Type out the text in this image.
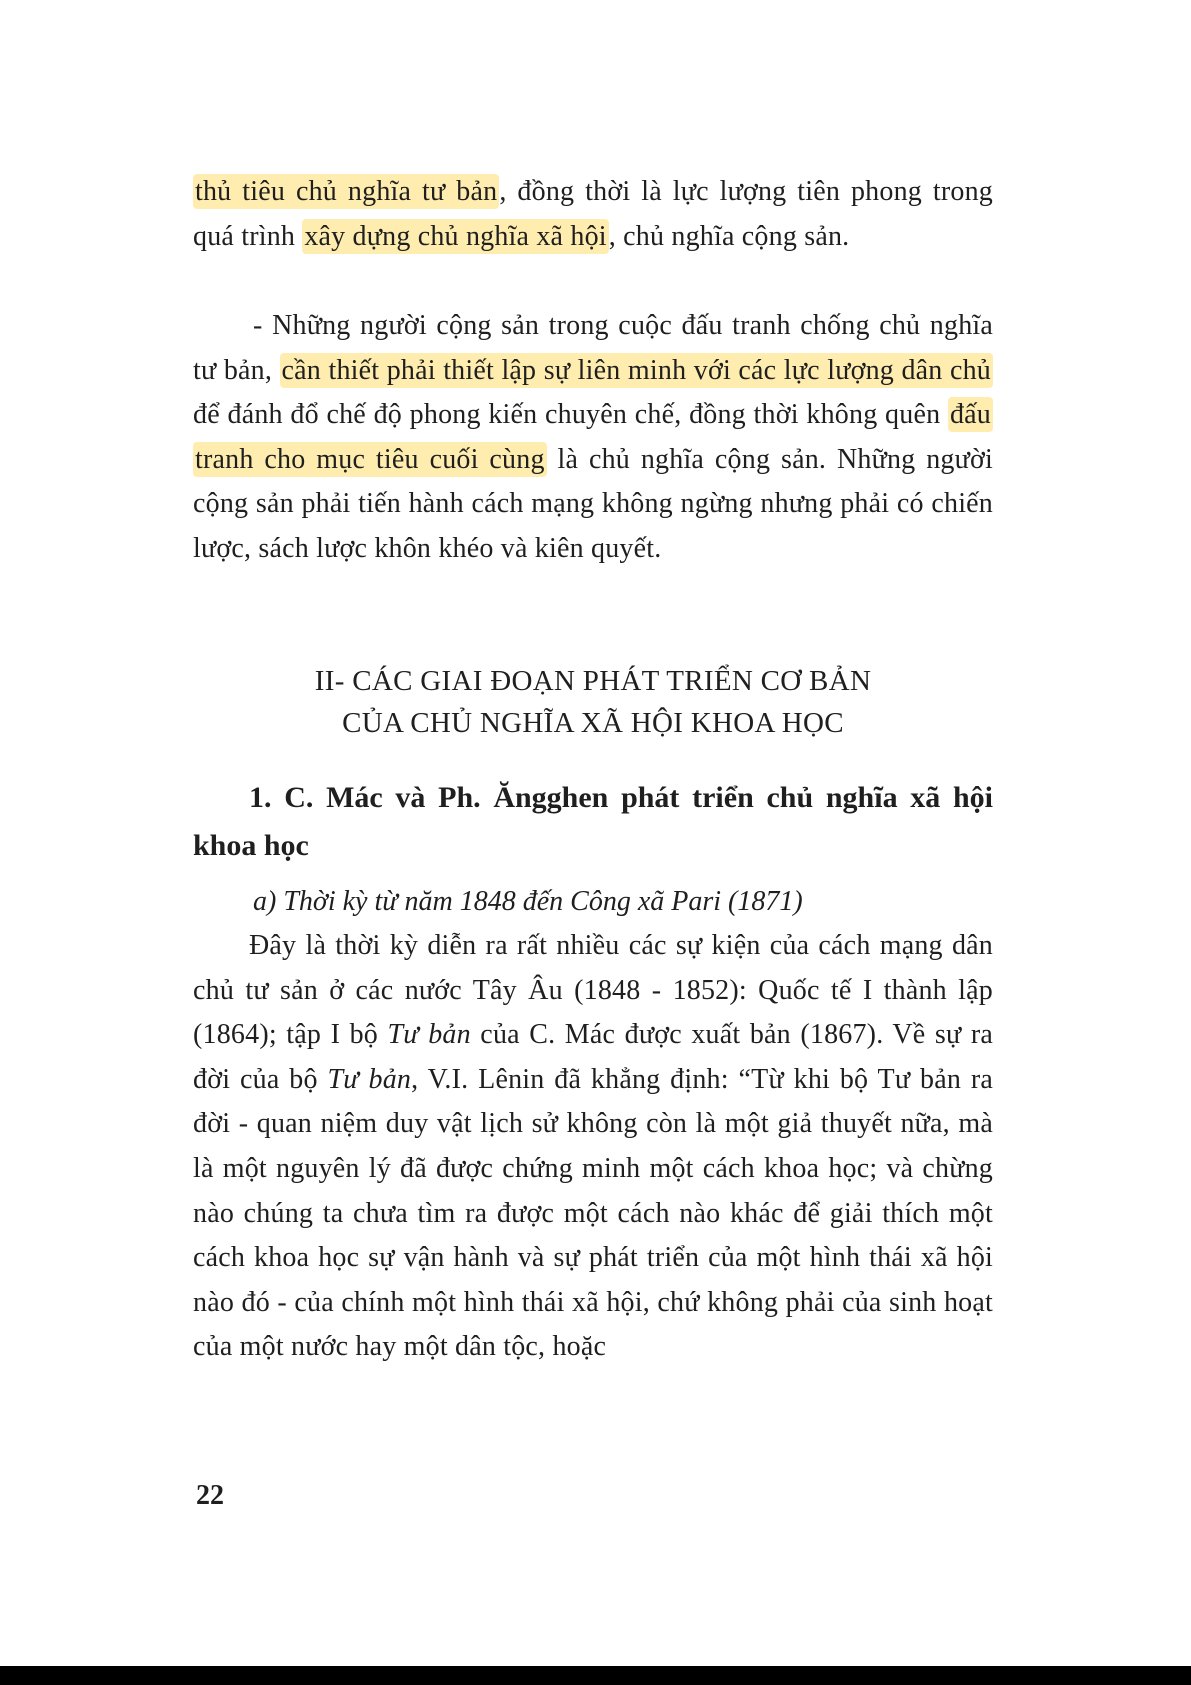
thủ tiêu chủ nghĩa tư bản, đồng thời là lực lượng tiên phong trong quá trình xây dựng chủ nghĩa xã hội, chủ nghĩa cộng sản.

- Những người cộng sản trong cuộc đấu tranh chống chủ nghĩa tư bản, cần thiết phải thiết lập sự liên minh với các lực lượng dân chủ để đánh đổ chế độ phong kiến chuyên chế, đồng thời không quên đấu tranh cho mục tiêu cuối cùng là chủ nghĩa cộng sản. Những người cộng sản phải tiến hành cách mạng không ngừng nhưng phải có chiến lược, sách lược khôn khéo và kiên quyết.

II- CÁC GIAI ĐOẠN PHÁT TRIỂN CƠ BẢN
CỦA CHỦ NGHĨA XÃ HỘI KHOA HỌC
1. C. Mác và Ph. Ăngghen phát triển chủ nghĩa xã hội khoa học
a) Thời kỳ từ năm 1848 đến Công xã Pari (1871)

Đây là thời kỳ diễn ra rất nhiều các sự kiện của cách mạng dân chủ tư sản ở các nước Tây Âu (1848 - 1852): Quốc tế I thành lập (1864); tập I bộ Tư bản của C. Mác được xuất bản (1867). Về sự ra đời của bộ Tư bản, V.I. Lênin đã khẳng định: “Từ khi bộ Tư bản ra đời - quan niệm duy vật lịch sử không còn là một giả thuyết nữa, mà là một nguyên lý đã được chứng minh một cách khoa học; và chừng nào chúng ta chưa tìm ra được một cách nào khác để giải thích một cách khoa học sự vận hành và sự phát triển của một hình thái xã hội nào đó - của chính một hình thái xã hội, chứ không phải của sinh hoạt của một nước hay một dân tộc, hoặc

22
